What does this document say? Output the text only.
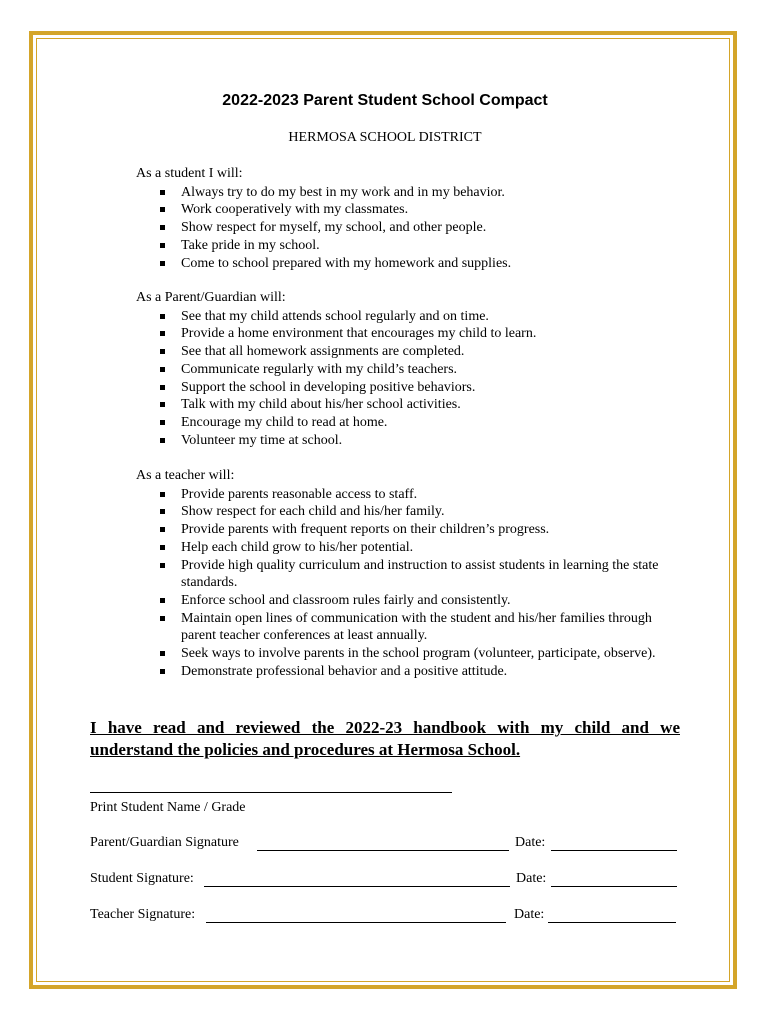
2022-2023 Parent Student School Compact
HERMOSA SCHOOL DISTRICT
As a student I will:
Always try to do my best in my work and in my behavior.
Work cooperatively with my classmates.
Show respect for myself, my school, and other people.
Take pride in my school.
Come to school prepared with my homework and supplies.
As a Parent/Guardian will:
See that my child attends school regularly and on time.
Provide a home environment that encourages my child to learn.
See that all homework assignments are completed.
Communicate regularly with my child’s teachers.
Support the school in developing positive behaviors.
Talk with my child about his/her school activities.
Encourage my child to read at home.
Volunteer my time at school.
As a teacher will:
Provide parents reasonable access to staff.
Show respect for each child and his/her family.
Provide parents with frequent reports on their children’s progress.
Help each child grow to his/her potential.
Provide high quality curriculum and instruction to assist students in learning the state standards.
Enforce school and classroom rules fairly and consistently.
Maintain open lines of communication with the student and his/her families through parent teacher conferences at least annually.
Seek ways to involve parents in the school program (volunteer, participate, observe).
Demonstrate professional behavior and a positive attitude.
I have read and reviewed the 2022-23 handbook with my child and we understand the policies and procedures at Hermosa School.
Print Student Name / Grade
Parent/Guardian Signature	Date:
Student Signature:	Date:
Teacher Signature:	Date:
